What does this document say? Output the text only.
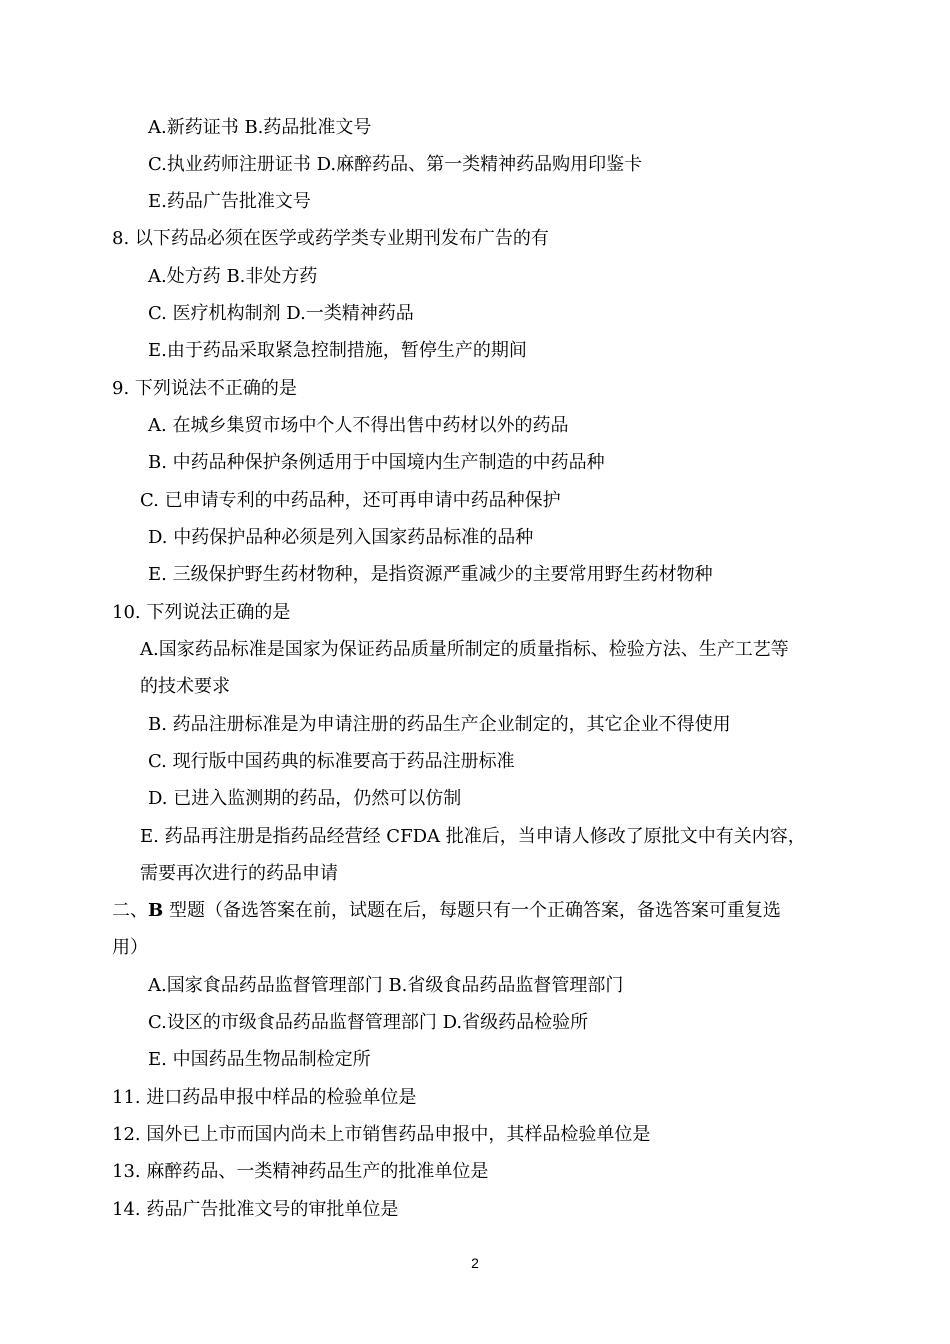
A.新药证书 B.药品批准文号
C.执业药师注册证书 D.麻醉药品、第一类精神药品购用印鉴卡
E.药品广告批准文号
8. 以下药品必须在医学或药学类专业期刊发布广告的有
A.处方药 B.非处方药
C. 医疗机构制剂 D.一类精神药品
E.由于药品采取紧急控制措施，暂停生产的期间
9. 下列说法不正确的是
A. 在城乡集贸市场中个人不得出售中药材以外的药品
B. 中药品种保护条例适用于中国境内生产制造的中药品种
C. 已申请专利的中药品种，还可再申请中药品种保护
D. 中药保护品种必须是列入国家药品标准的品种
E. 三级保护野生药材物种，是指资源严重减少的主要常用野生药材物种
10. 下列说法正确的是
A.国家药品标准是国家为保证药品质量所制定的质量指标、检验方法、生产工艺等
的技术要求
B. 药品注册标准是为申请注册的药品生产企业制定的，其它企业不得使用
C. 现行版中国药典的标准要高于药品注册标准
D. 已进入监测期的药品，仍然可以仿制
E. 药品再注册是指药品经营经 CFDA 批准后，当申请人修改了原批文中有关内容，
需要再次进行的药品申请
二、B 型题（备选答案在前，试题在后，每题只有一个正确答案，备选答案可重复选
用）
A.国家食品药品监督管理部门 B.省级食品药品监督管理部门
C.设区的市级食品药品监督管理部门 D.省级药品检验所
E. 中国药品生物品制检定所
11. 进口药品申报中样品的检验单位是
12. 国外已上市而国内尚未上市销售药品申报中，其样品检验单位是
13. 麻醉药品、一类精神药品生产的批准单位是
14. 药品广告批准文号的审批单位是
2
